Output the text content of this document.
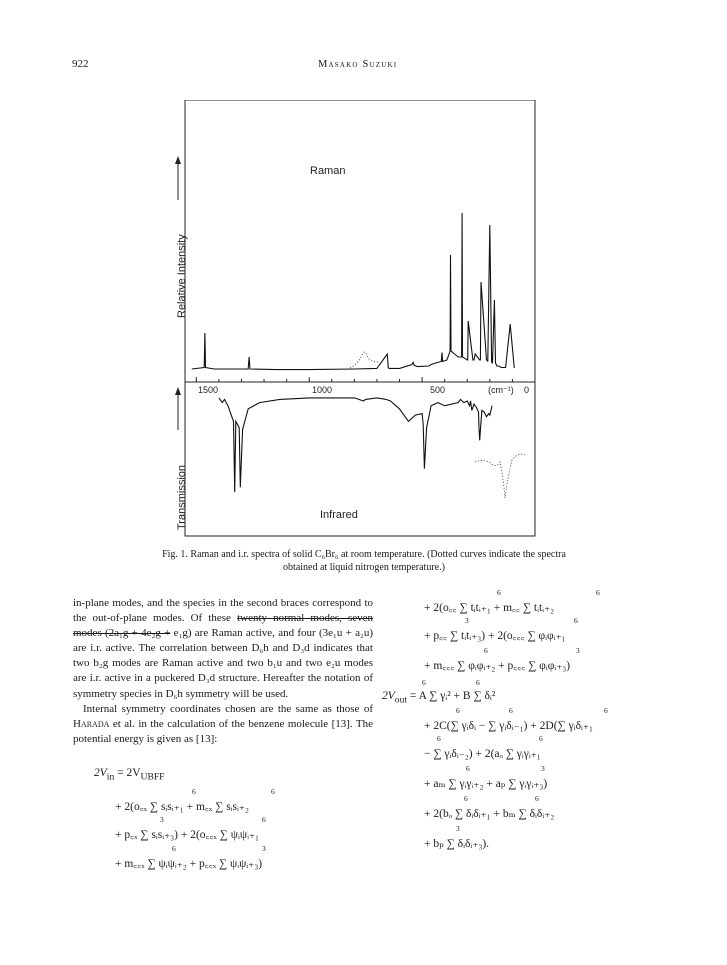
922	Masako Suzuki
Relative Intensity
Transmission
Raman
Infrared
1500	1000	500	(cm⁻¹) 0
Fig. 1. Raman and i.r. spectra of solid C₆Br₆ at room temperature. (Dotted curves indicate the spectra
obtained at liquid nitrogen temperature.)

in-plane modes, and the species in the second braces correspond to the out-of-plane modes. Of these twenty normal modes, seven modes (2a₁g + 4e₂g + e₁g) are Raman active, and four (3e₁u + a₂u) are i.r. active. The correlation between D₆h and D₃d indicates that two b₂g modes are Raman active and two b₁u and two e₂u modes are i.r. active in a puckered D₃d structure. Hereafter the notation of symmetry species in D₆h symmetry will be used.

Internal symmetry coordinates chosen are the same as those of Harada et al. in the calculation of the benzene molecule [13]. The potential energy is given as [13]:

$2V_{in} = 2V_{UBFF}$
+ 2(o꜀ₓ ∑ sᵢsᵢ₊₁ + m꜀ₓ ∑ sᵢsᵢ₊₂
+ p꜀ₓ ∑ sᵢsᵢ₊₃) + 2(o꜀꜀ₓ ∑ ψᵢψᵢ₊₁
+ m꜀꜀ₓ ∑ ψᵢψᵢ₊₂ + p꜀꜀ₓ ∑ ψᵢψᵢ₊₃)
6	6
3	6
6	3
+ 2(o꜀꜀ ∑ tᵢtᵢ₊₁ + m꜀꜀ ∑ tᵢtᵢ₊₂
+ p꜀꜀ ∑ tᵢtᵢ₊₃) + 2(o꜀꜀꜀ ∑ φᵢφᵢ₊₁
+ m꜀꜀꜀ ∑ φᵢφᵢ₊₂ + p꜀꜀꜀ ∑ φᵢφᵢ₊₃)
$2V_{out} = A$ ∑ γᵢ² + B ∑ δᵢ²
+ 2C(∑ γᵢδᵢ − ∑ γᵢδᵢ₋₁) + 2D(∑ γᵢδᵢ₊₁
− ∑ γᵢδᵢ₋₂) + 2(aₒ ∑ γᵢγᵢ₊₁
+ aₘ ∑ γᵢγᵢ₊₂ + aₚ ∑ γᵢγᵢ₊₃)
+ 2(bₒ ∑ δᵢδᵢ₊₁ + bₘ ∑ δᵢδᵢ₊₂
+ bₚ ∑ δᵢδᵢ₊₃).
6	6
3	6
6	3
6	6
6	6	6
6	6
6	3
6	6
3
